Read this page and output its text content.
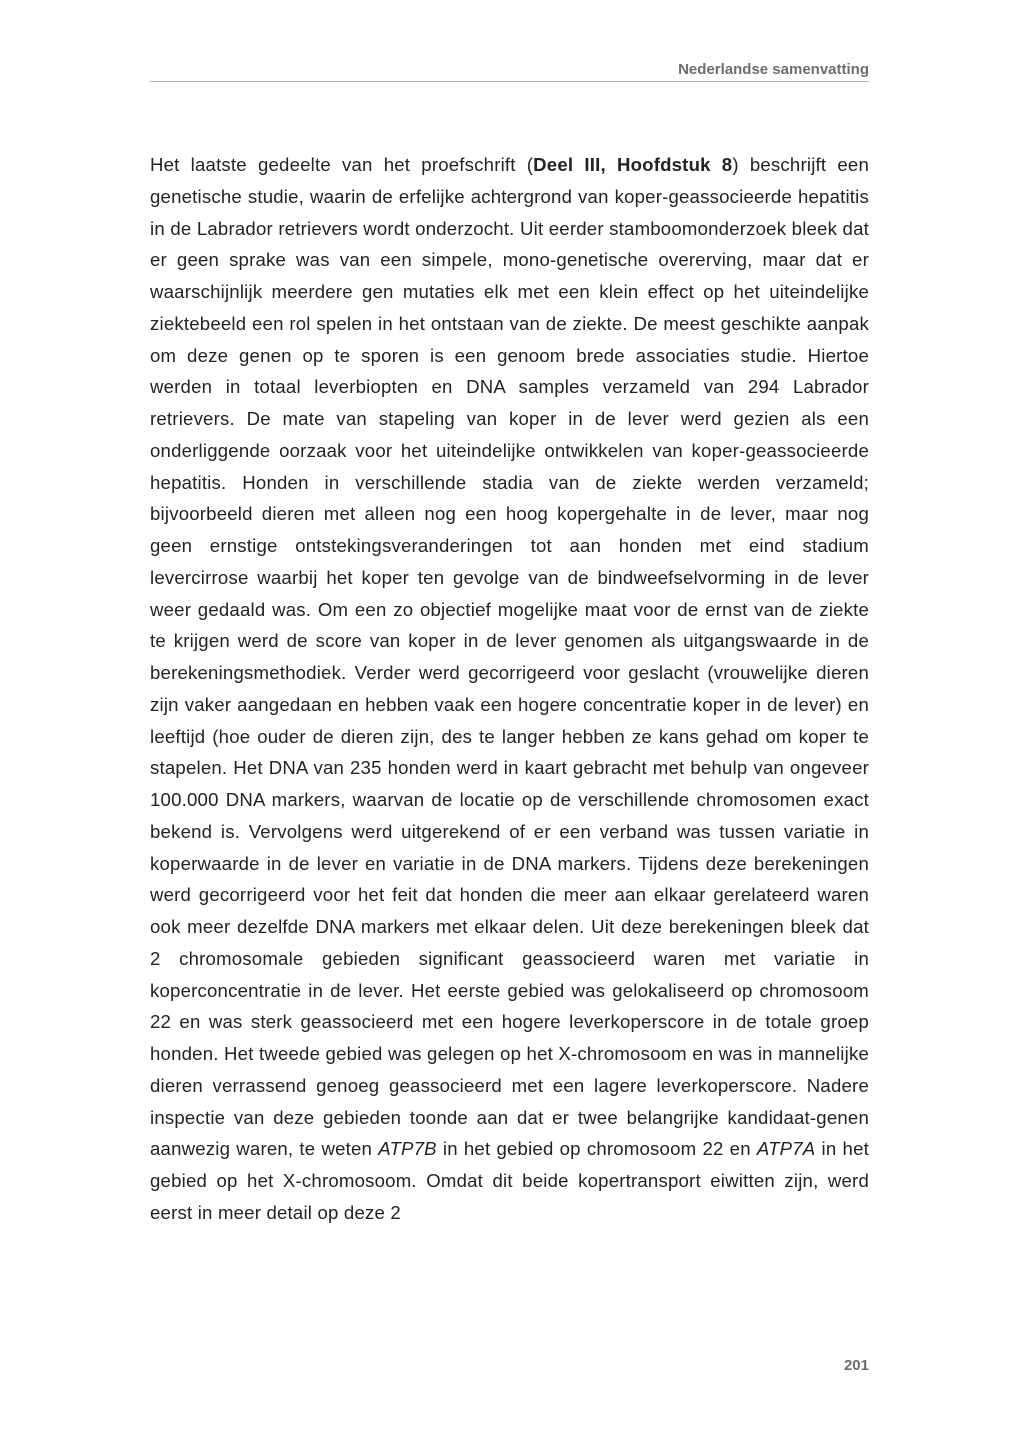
Nederlandse samenvatting

Het laatste gedeelte van het proefschrift (Deel III, Hoofdstuk 8) beschrijft een genetische studie, waarin de erfelijke achtergrond van koper-geassocieerde hepatitis in de Labrador retrievers wordt onderzocht. Uit eerder stamboomonderzoek bleek dat er geen sprake was van een simpele, mono-genetische overerving, maar dat er waarschijnlijk meerdere gen mutaties elk met een klein effect op het uiteindelijke ziektebeeld een rol spelen in het ontstaan van de ziekte. De meest geschikte aanpak om deze genen op te sporen is een genoom brede associaties studie. Hiertoe werden in totaal leverbiopten en DNA samples verzameld van 294 Labrador retrievers. De mate van stapeling van koper in de lever werd gezien als een onderliggende oorzaak voor het uiteindelijke ontwikkelen van koper-geassocieerde hepatitis. Honden in verschillende stadia van de ziekte werden verzameld; bijvoorbeeld dieren met alleen nog een hoog kopergehalte in de lever, maar nog geen ernstige ontstekingsveranderingen tot aan honden met eind stadium levercirrose waarbij het koper ten gevolge van de bindweefselvorming in de lever weer gedaald was. Om een zo objectief mogelijke maat voor de ernst van de ziekte te krijgen werd de score van koper in de lever genomen als uitgangswaarde in de berekeningsmethodiek. Verder werd gecorrigeerd voor geslacht (vrouwelijke dieren zijn vaker aangedaan en hebben vaak een hogere concentratie koper in de lever) en leeftijd (hoe ouder de dieren zijn, des te langer hebben ze kans gehad om koper te stapelen. Het DNA van 235 honden werd in kaart gebracht met behulp van ongeveer 100.000 DNA markers, waarvan de locatie op de verschillende chromosomen exact bekend is. Vervolgens werd uitgerekend of er een verband was tussen variatie in koperwaarde in de lever en variatie in de DNA markers. Tijdens deze berekeningen werd gecorrigeerd voor het feit dat honden die meer aan elkaar gerelateerd waren ook meer dezelfde DNA markers met elkaar delen. Uit deze berekeningen bleek dat 2 chromosomale gebieden significant geassocieerd waren met variatie in koperconcentratie in de lever. Het eerste gebied was gelokaliseerd op chromosoom 22 en was sterk geassocieerd met een hogere leverkoperscore in de totale groep honden. Het tweede gebied was gelegen op het X-chromosoom en was in mannelijke dieren verrassend genoeg geassocieerd met een lagere leverkoperscore. Nadere inspectie van deze gebieden toonde aan dat er twee belangrijke kandidaat-genen aanwezig waren, te weten ATP7B in het gebied op chromosoom 22 en ATP7A in het gebied op het X-chromosoom. Omdat dit beide kopertransport eiwitten zijn, werd eerst in meer detail op deze 2

201
